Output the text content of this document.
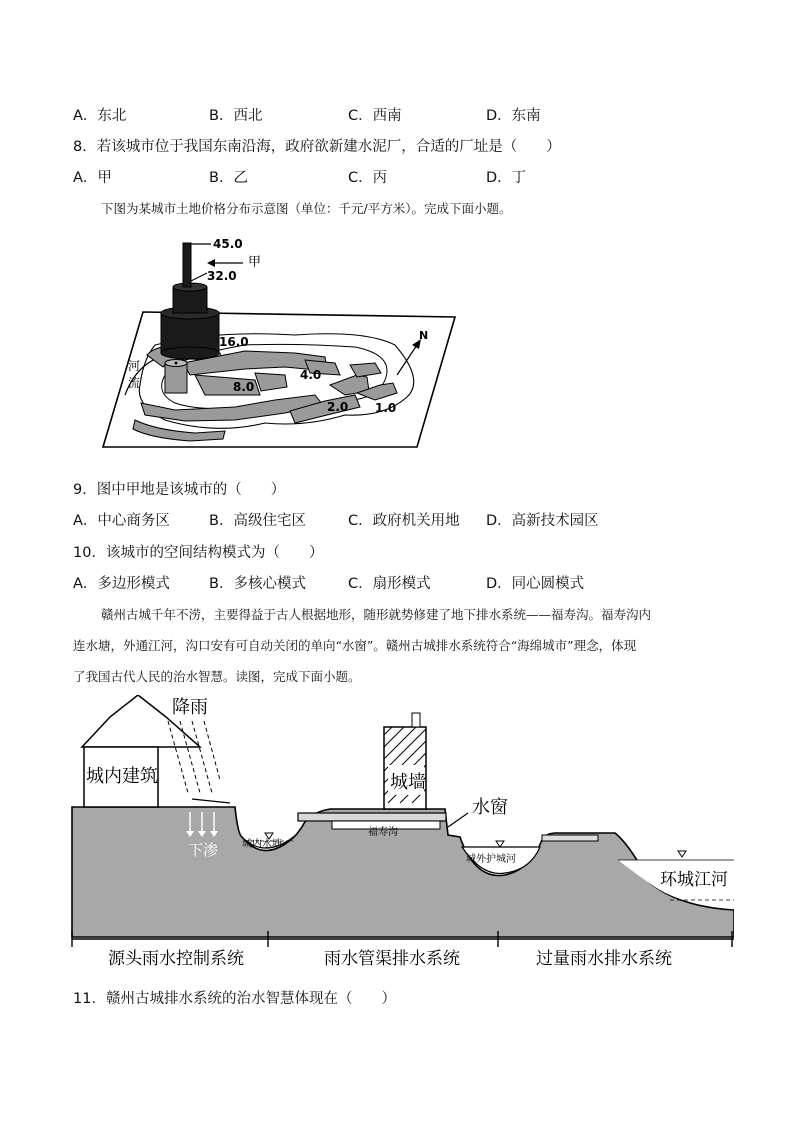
A．东北	B．西北	C．西南	D．东南
8．若该城市位于我国东南沿海，政府欲新建水泥厂，合适的厂址是（　　）
A．甲	B．乙	C．丙	D．丁
下图为某城市土地价格分布示意图（单位：千元/平方米）。完成下面小题。
45.0
甲
32.0
16.0
8.0
4.0
2.0 1.0
河
流
N
9．图中甲地是该城市的（　　）
A．中心商务区	B．高级住宅区	C．政府机关用地 D．高新技术园区
10．该城市的空间结构模式为（　　）
A．多边形模式	B．多核心模式	C．扇形模式	D．同心圆模式
赣州古城千年不涝，主要得益于古人根据地形，随形就势修建了地下排水系统——福寿沟。福寿沟内
连水塘，外通江河，沟口安有可自动关闭的单向“水窗”。赣州古城排水系统符合“海绵城市”理念，体现
了我国古代人民的治水智慧。读图，完成下面小题。
城内建筑
降雨
下渗 城内水塘
城墙
福寿沟
水窗
城外护城河
环城江河
源头雨水控制系统	雨水管渠排水系统	过量雨水排水系统
11．赣州古城排水系统的治水智慧体现在（　　）
